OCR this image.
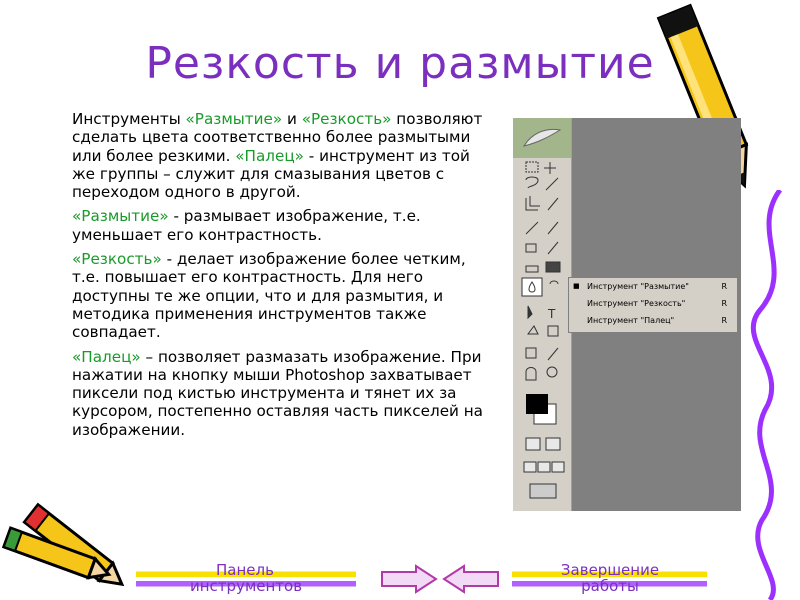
Резкость и размытие

Инструменты «Размытие» и «Резкость» позволяют сделать цвета соответственно более размытыми или более резкими. «Палец» - инструмент из той же группы – служит для смазывания цветов с переходом одного в другой.

«Размытие» - размывает изображение, т.е. уменьшает его контрастность.

«Резкость» - делает изображение более четким, т.е. повышает его контрастность. Для него доступны те же опции, что и для размытия, и методика применения инструментов также совпадает.

«Палец» – позволяет размазать изображение. При нажатии на кнопку мыши Photoshop захватывает пиксели под кистью инструмента и тянет их за курсором, постепенно оставляя часть пикселей на изображении.

T
■ Инструмент "Размытие"	R
Инструмент "Резкость"	R
Инструмент "Палец"	R
Панель инструментов
Завершение работы
